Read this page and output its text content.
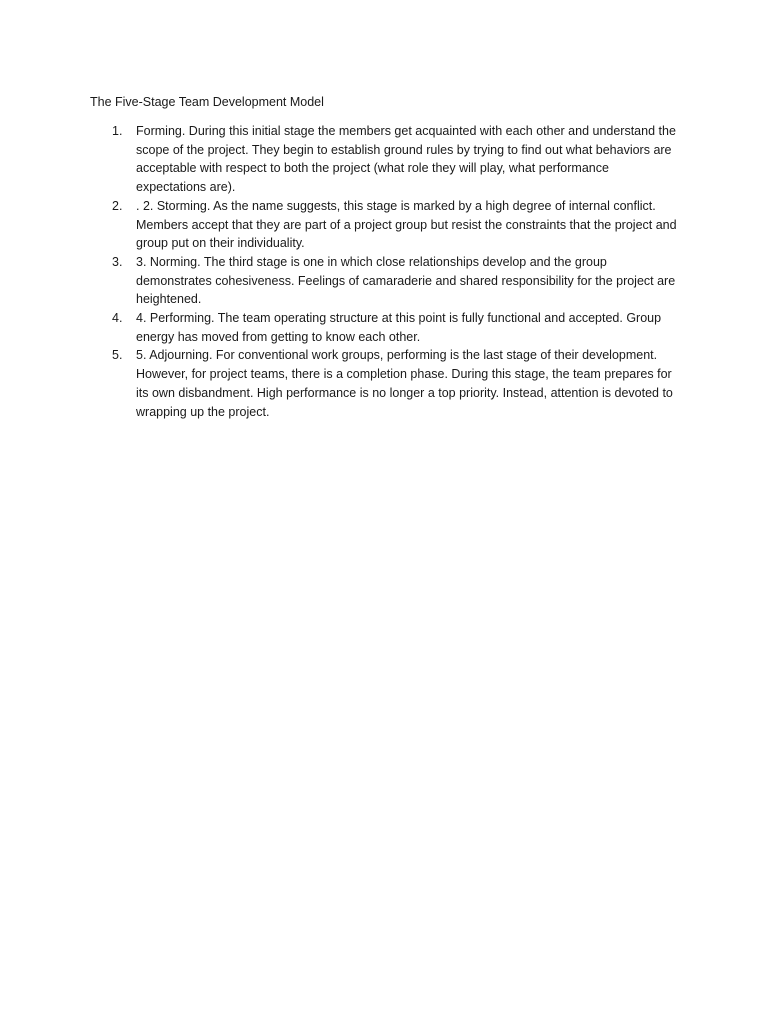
The Five-Stage Team Development Model
1.	Forming. During this initial stage the members get acquainted with each other and understand the scope of the project. They begin to establish ground rules by trying to find out what behaviors are acceptable with respect to both the project (what role they will play, what performance expectations are).
2.	. 2. Storming. As the name suggests, this stage is marked by a high degree of internal conflict. Members accept that they are part of a project group but resist the constraints that the project and group put on their individuality.
3.	3. Norming. The third stage is one in which close relationships develop and the group demonstrates cohesiveness. Feelings of camaraderie and shared responsibility for the project are heightened.
4.	4. Performing. The team operating structure at this point is fully functional and accepted. Group energy has moved from getting to know each other.
5.	5. Adjourning. For conventional work groups, performing is the last stage of their development. However, for project teams, there is a completion phase. During this stage, the team prepares for its own disbandment. High performance is no longer a top priority. Instead, attention is devoted to wrapping up the project.
